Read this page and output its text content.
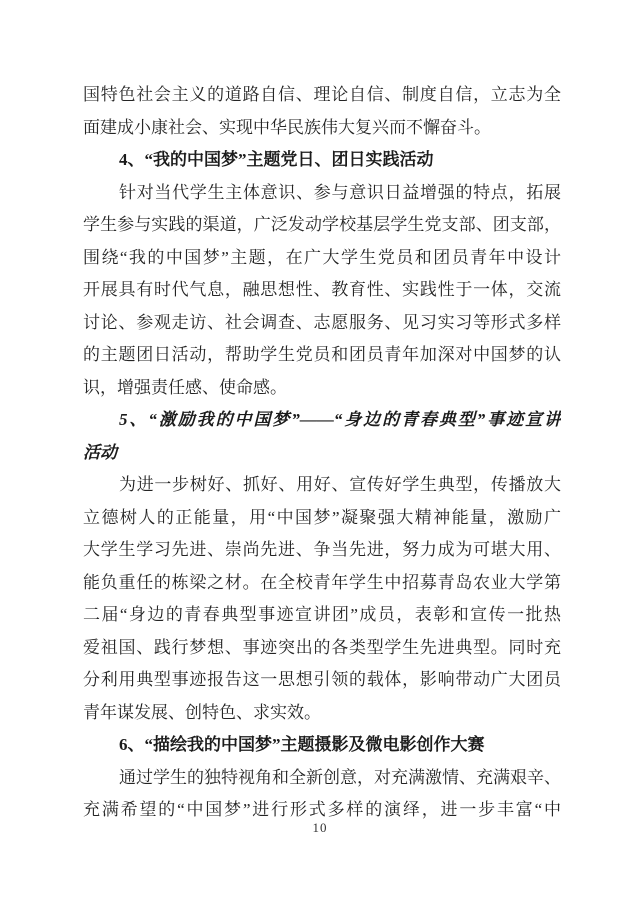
国特色社会主义的道路自信、理论自信、制度自信，立志为全
面建成小康社会、实现中华民族伟大复兴而不懈奋斗。
4、“我的中国梦”主题党日、团日实践活动
针对当代学生主体意识、参与意识日益增强的特点，拓展
学生参与实践的渠道，广泛发动学校基层学生党支部、团支部，
围绕“我的中国梦”主题，在广大学生党员和团员青年中设计
开展具有时代气息，融思想性、教育性、实践性于一体，交流
讨论、参观走访、社会调查、志愿服务、见习实习等形式多样
的主题团日活动，帮助学生党员和团员青年加深对中国梦的认
识，增强责任感、使命感。
5、“激励我的中国梦”——“身边的青春典型”事迹宣讲
活动
为进一步树好、抓好、用好、宣传好学生典型，传播放大
立德树人的正能量，用“中国梦”凝聚强大精神能量，激励广
大学生学习先进、崇尚先进、争当先进，努力成为可堪大用、
能负重任的栋梁之材。在全校青年学生中招募青岛农业大学第
二届“身边的青春典型事迹宣讲团”成员，表彰和宣传一批热
爱祖国、践行梦想、事迹突出的各类型学生先进典型。同时充
分利用典型事迹报告这一思想引领的载体，影响带动广大团员
青年谋发展、创特色、求实效。
6、“描绘我的中国梦”主题摄影及微电影创作大赛
通过学生的独特视角和全新创意，对充满激情、充满艰辛、
充满希望的“中国梦”进行形式多样的演绎，进一步丰富“中
10
